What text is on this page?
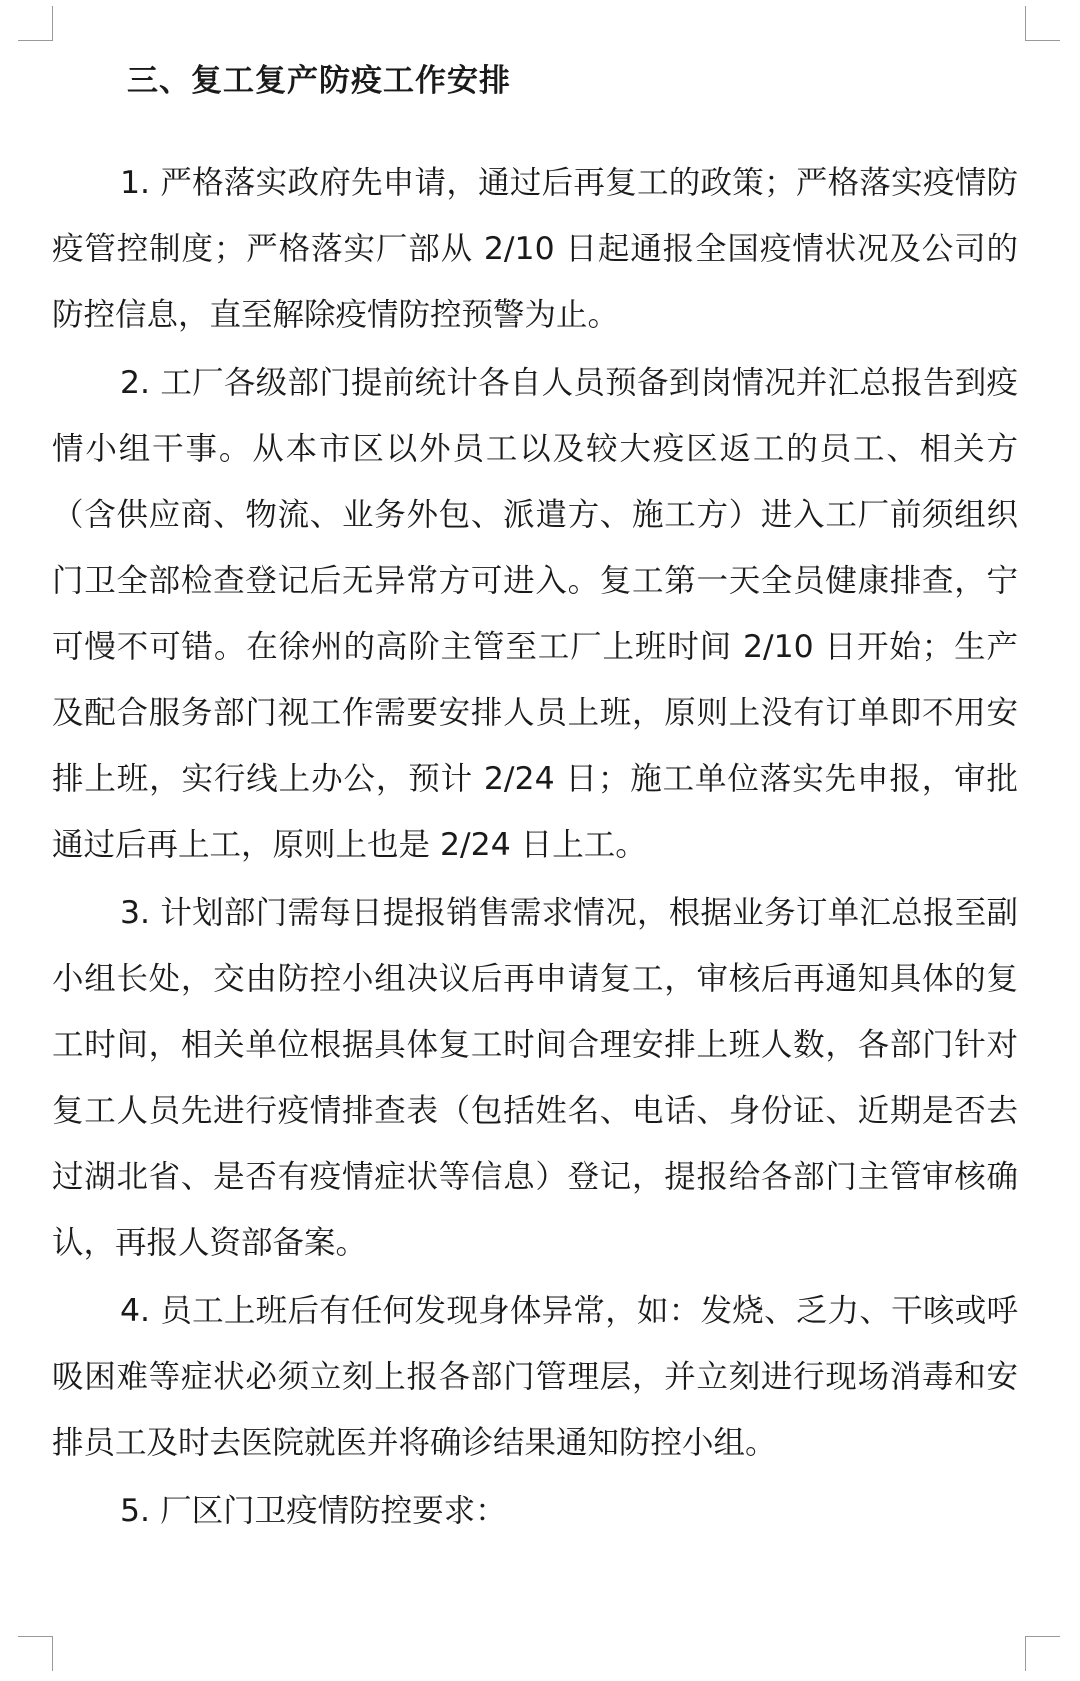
三、复工复产防疫工作安排

1. 严格落实政府先申请，通过后再复工的政策；严格落实疫情防疫管控制度；严格落实厂部从 2/10 日起通报全国疫情状况及公司的防控信息，直至解除疫情防控预警为止。

2. 工厂各级部门提前统计各自人员预备到岗情况并汇总报告到疫情小组干事。从本市区以外员工以及较大疫区返工的员工、相关方（含供应商、物流、业务外包、派遣方、施工方）进入工厂前须组织门卫全部检查登记后无异常方可进入。复工第一天全员健康排查，宁可慢不可错。在徐州的高阶主管至工厂上班时间 2/10 日开始；生产及配合服务部门视工作需要安排人员上班，原则上没有订单即不用安排上班，实行线上办公，预计 2/24 日；施工单位落实先申报，审批通过后再上工，原则上也是 2/24 日上工。

3. 计划部门需每日提报销售需求情况，根据业务订单汇总报至副小组长处，交由防控小组决议后再申请复工，审核后再通知具体的复工时间，相关单位根据具体复工时间合理安排上班人数，各部门针对复工人员先进行疫情排查表（包括姓名、电话、身份证、近期是否去过湖北省、是否有疫情症状等信息）登记，提报给各部门主管审核确认，再报人资部备案。

4. 员工上班后有任何发现身体异常，如：发烧、乏力、干咳或呼吸困难等症状必须立刻上报各部门管理层，并立刻进行现场消毒和安排员工及时去医院就医并将确诊结果通知防控小组。

5. 厂区门卫疫情防控要求：
